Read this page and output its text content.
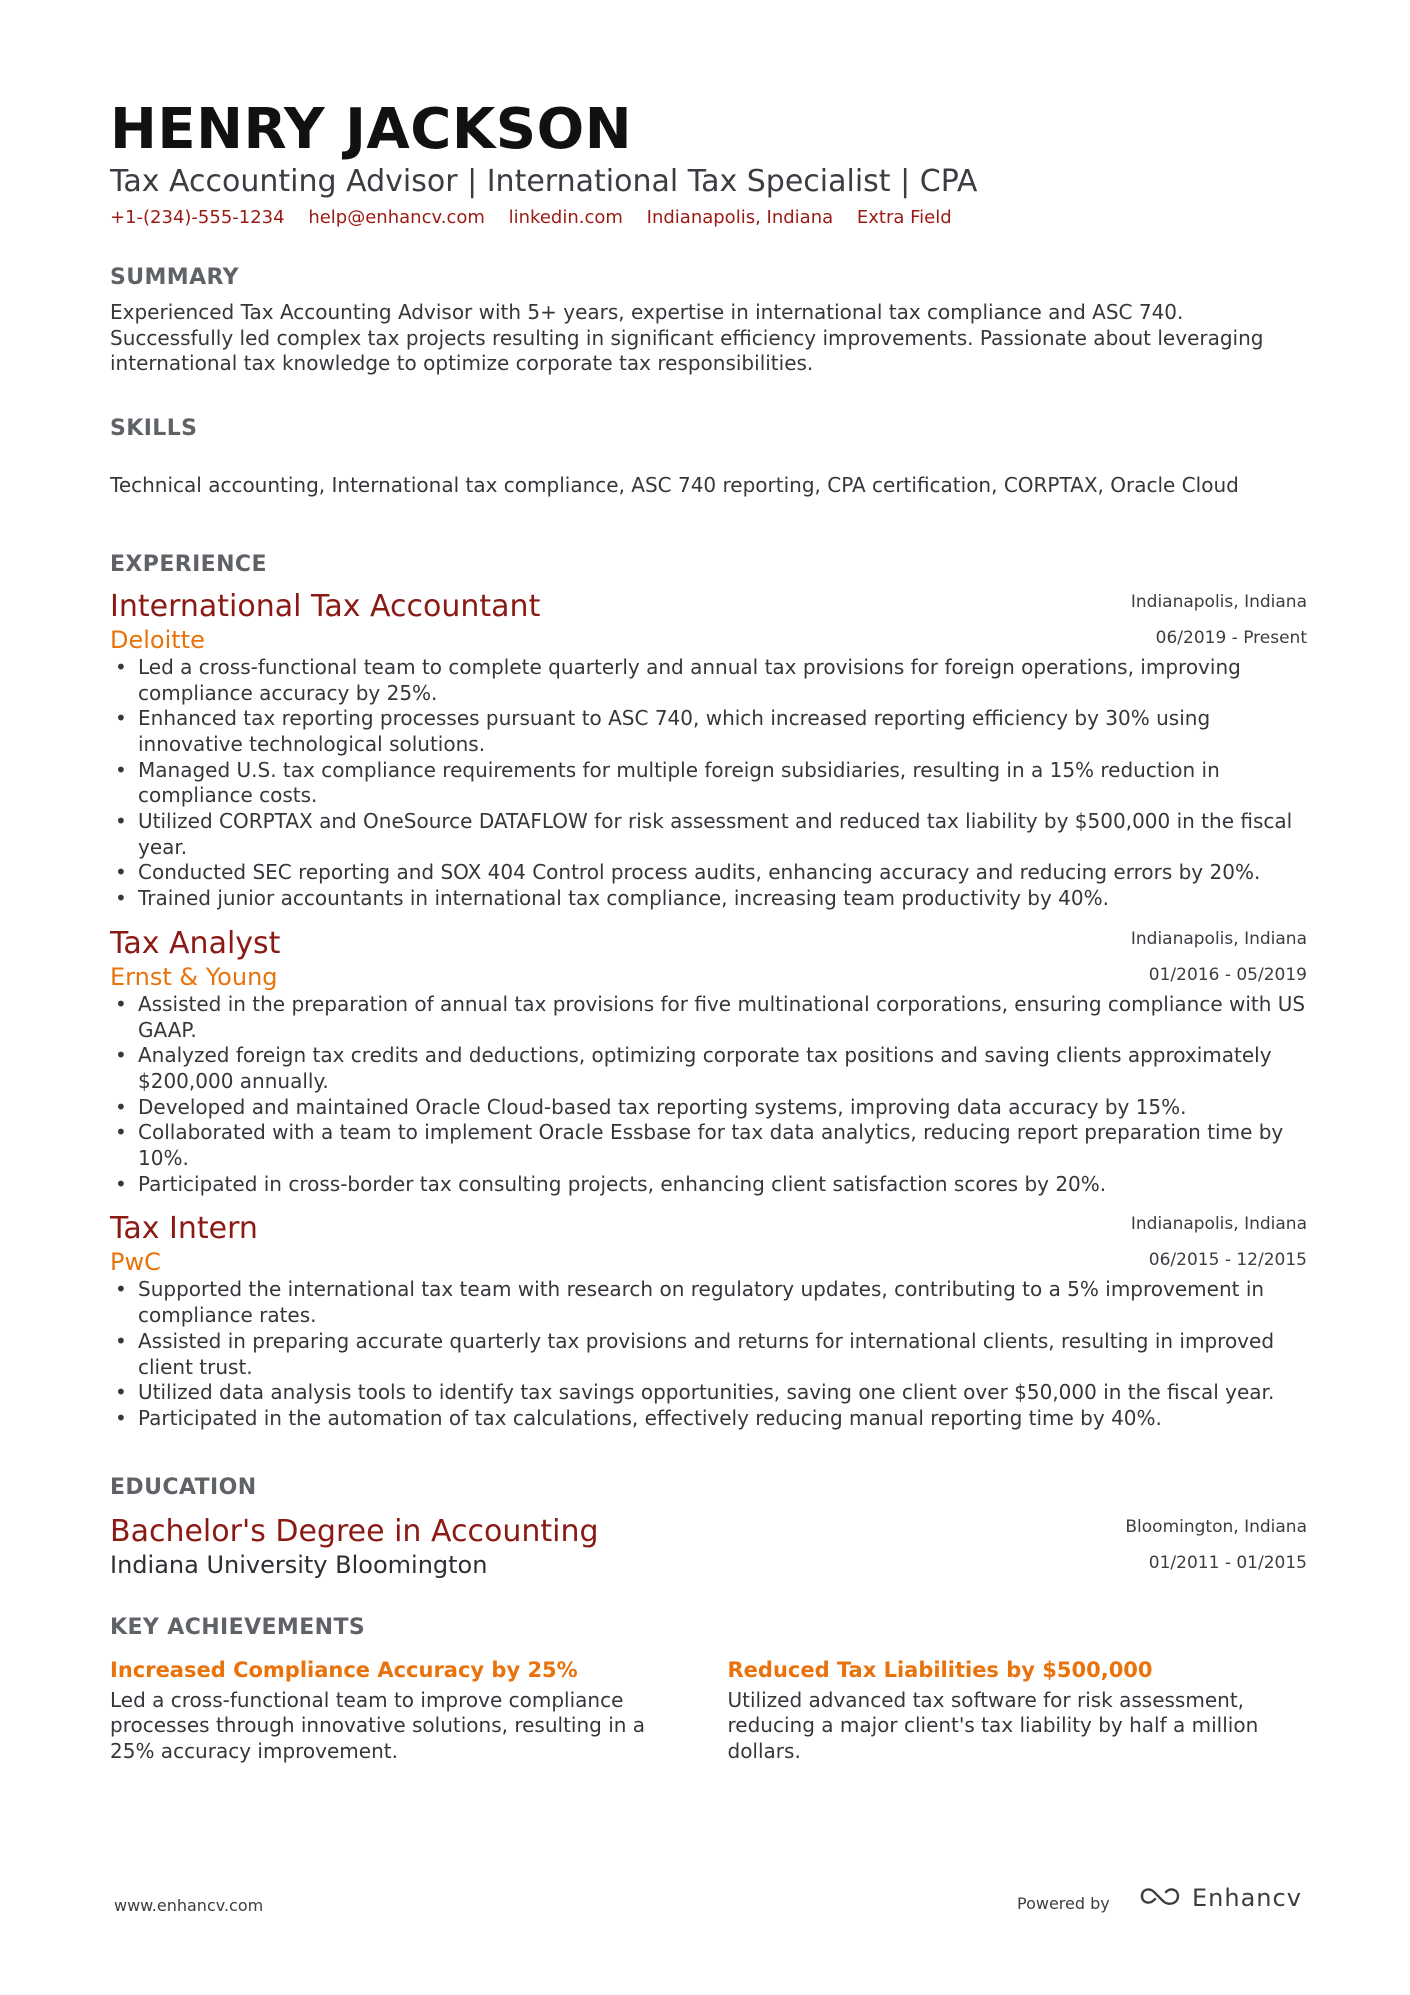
HENRY JACKSON
Tax Accounting Advisor | International Tax Specialist | CPA
+1-(234)-555-1234 help@enhancv.com linkedin.com Indianapolis, Indiana Extra Field
SUMMARY
Experienced Tax Accounting Advisor with 5+ years, expertise in international tax compliance and ASC 740. Successfully led complex tax projects resulting in significant efficiency improvements. Passionate about leveraging international tax knowledge to optimize corporate tax responsibilities.
SKILLS
Technical accounting, International tax compliance, ASC 740 reporting, CPA certification, CORPTAX, Oracle Cloud
EXPERIENCE
International Tax Accountant
Deloitte
Indianapolis, Indiana
06/2019 - Present
• Led a cross-functional team to complete quarterly and annual tax provisions for foreign operations, improving compliance accuracy by 25%.
• Enhanced tax reporting processes pursuant to ASC 740, which increased reporting efficiency by 30% using innovative technological solutions.
• Managed U.S. tax compliance requirements for multiple foreign subsidiaries, resulting in a 15% reduction in compliance costs.
• Utilized CORPTAX and OneSource DATAFLOW for risk assessment and reduced tax liability by $500,000 in the fiscal year.
• Conducted SEC reporting and SOX 404 Control process audits, enhancing accuracy and reducing errors by 20%.
• Trained junior accountants in international tax compliance, increasing team productivity by 40%.
Tax Analyst
Ernst & Young
Indianapolis, Indiana
01/2016 - 05/2019
• Assisted in the preparation of annual tax provisions for five multinational corporations, ensuring compliance with US GAAP.
• Analyzed foreign tax credits and deductions, optimizing corporate tax positions and saving clients approximately $200,000 annually.
• Developed and maintained Oracle Cloud-based tax reporting systems, improving data accuracy by 15%.
• Collaborated with a team to implement Oracle Essbase for tax data analytics, reducing report preparation time by 10%.
• Participated in cross-border tax consulting projects, enhancing client satisfaction scores by 20%.
Tax Intern
PwC
Indianapolis, Indiana
06/2015 - 12/2015
• Supported the international tax team with research on regulatory updates, contributing to a 5% improvement in compliance rates.
• Assisted in preparing accurate quarterly tax provisions and returns for international clients, resulting in improved client trust.
• Utilized data analysis tools to identify tax savings opportunities, saving one client over $50,000 in the fiscal year.
• Participated in the automation of tax calculations, effectively reducing manual reporting time by 40%.
EDUCATION
Bachelor's Degree in Accounting
Indiana University Bloomington
Bloomington, Indiana
01/2011 - 01/2015
KEY ACHIEVEMENTS
Increased Compliance Accuracy by 25%
Led a cross-functional team to improve compliance processes through innovative solutions, resulting in a 25% accuracy improvement.
Reduced Tax Liabilities by $500,000
Utilized advanced tax software for risk assessment, reducing a major client's tax liability by half a million dollars.
www.enhancv.com	Powered by	Enhancv
